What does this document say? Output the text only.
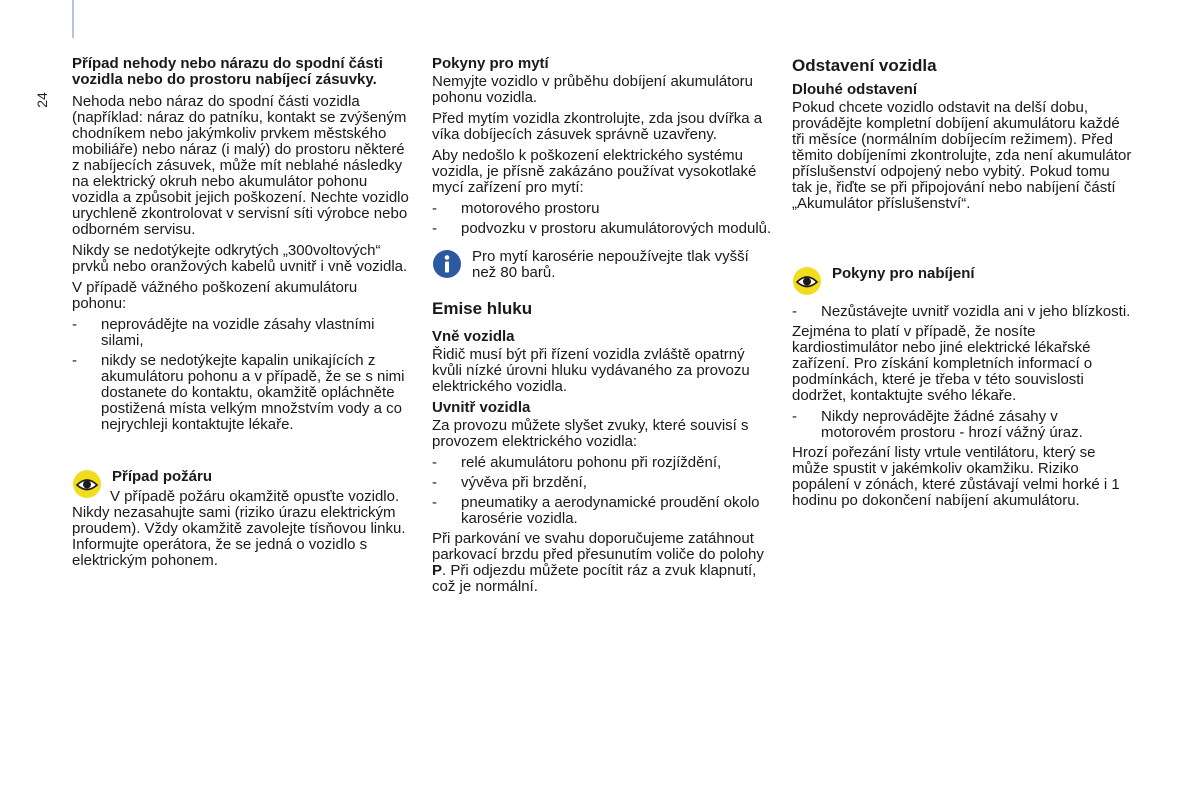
24

Případ nehody nebo nárazu do spodní části vozidla nebo do prostoru nabíjecí zásuvky.

Nehoda nebo náraz do spodní části vozidla (například: náraz do patníku, kontakt se zvýšeným chodníkem nebo jakýmkoliv prvkem městského mobiliáře) nebo náraz (i malý) do prostoru některé z nabíjecích zásuvek, může mít neblahé následky na elektrický okruh nebo akumulátor pohonu vozidla a způsobit jejich poškození. Nechte vozidlo urychleně zkontrolovat v servisní síti výrobce nebo odborném servisu.

Nikdy se nedotýkejte odkrytých „300voltových“ prvků nebo oranžových kabelů uvnitř i vně vozidla.

V případě vážného poškození akumulátoru pohonu:

- neprovádějte na vozidle zásahy vlastními silami,
- nikdy se nedotýkejte kapalin unikajících z akumulátoru pohonu a v případě, že se s nimi dostanete do kontaktu, okamžitě opláchněte postižená místa velkým množstvím vody a co nejrychleji kontaktujte lékaře.

Případ požáru

V případě požáru okamžitě opusťte vozidlo. Nikdy nezasahujte sami (riziko úrazu elektrickým proudem). Vždy okamžitě zavolejte tísňovou linku. Informujte operátora, že se jedná o vozidlo s elektrickým pohonem.

Pokyny pro mytí

Nemyjte vozidlo v průběhu dobíjení akumulátoru pohonu vozidla.

Před mytím vozidla zkontrolujte, zda jsou dvířka a víka dobíjecích zásuvek správně uzavřeny.

Aby nedošlo k poškození elektrického systému vozidla, je přísně zakázáno používat vysokotlaké mycí zařízení pro mytí:

- motorového prostoru
- podvozku v prostoru akumulátorových modulů.

Pro mytí karosérie nepoužívejte tlak vyšší než 80 barů.

Emise hluku

Vně vozidla

Řidič musí být při řízení vozidla zvláště opatrný kvůli nízké úrovni hluku vydávaného za provozu elektrického vozidla.

Uvnitř vozidla

Za provozu můžete slyšet zvuky, které souvisí s provozem elektrického vozidla:

- relé akumulátoru pohonu při rozjíždění,
- vývěva při brzdění,
- pneumatiky a aerodynamické proudění okolo karosérie vozidla.

Při parkování ve svahu doporučujeme zatáhnout parkovací brzdu před přesunutím voliče do polohy P. Při odjezdu můžete pocítit ráz a zvuk klapnutí, což je normální.

Odstavení vozidla

Dlouhé odstavení

Pokud chcete vozidlo odstavit na delší dobu, provádějte kompletní dobíjení akumulátoru každé tři měsíce (normálním dobíjecím režimem). Před těmito dobíjeními zkontrolujte, zda není akumulátor příslušenství odpojený nebo vybitý. Pokud tomu tak je, řiďte se při připojování nebo nabíjení částí „Akumulátor příslušenství“.

Pokyny pro nabíjení

- Nezůstávejte uvnitř vozidla ani v jeho blízkosti.

Zejména to platí v případě, že nosíte kardiostimulátor nebo jiné elektrické lékařské zařízení. Pro získání kompletních informací o podmínkách, které je třeba v této souvislosti dodržet, kontaktujte svého lékaře.

- Nikdy neprovádějte žádné zásahy v motorovém prostoru - hrozí vážný úraz.

Hrozí pořezání listy vrtule ventilátoru, který se může spustit v jakémkoliv okamžiku. Riziko popálení v zónách, které zůstávají velmi horké i 1 hodinu po dokončení nabíjení akumulátoru.
